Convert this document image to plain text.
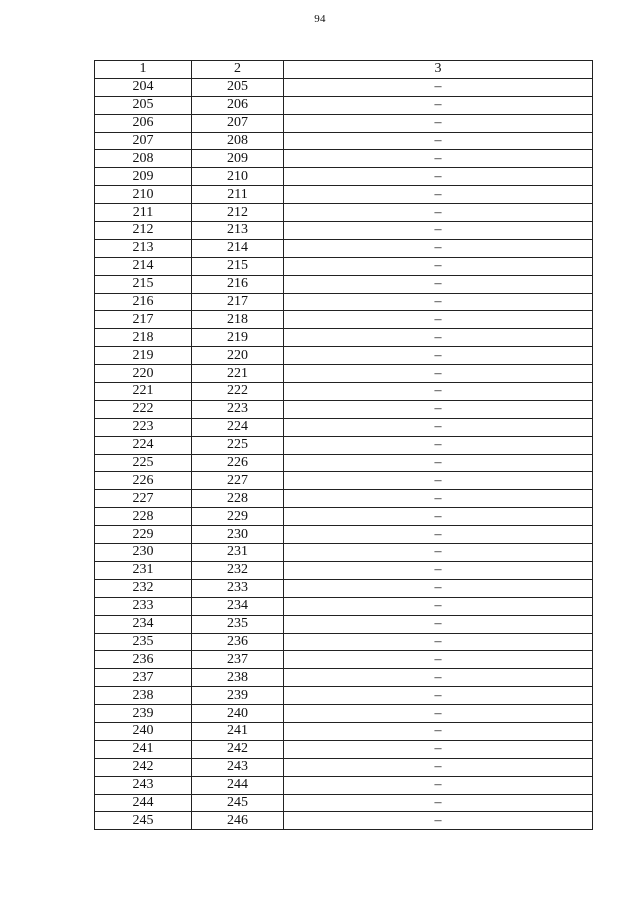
94
1	2	3
204	205	–
205	206	–
206	207	–
207	208	–
208	209	–
209	210	–
210	211	–
211	212	–
212	213	–
213	214	–
214	215	–
215	216	–
216	217	–
217	218	–
218	219	–
219	220	–
220	221	–
221	222	–
222	223	–
223	224	–
224	225	–
225	226	–
226	227	–
227	228	–
228	229	–
229	230	–
230	231	–
231	232	–
232	233	–
233	234	–
234	235	–
235	236	–
236	237	–
237	238	–
238	239	–
239	240	–
240	241	–
241	242	–
242	243	–
243	244	–
244	245	–
245	246	–
